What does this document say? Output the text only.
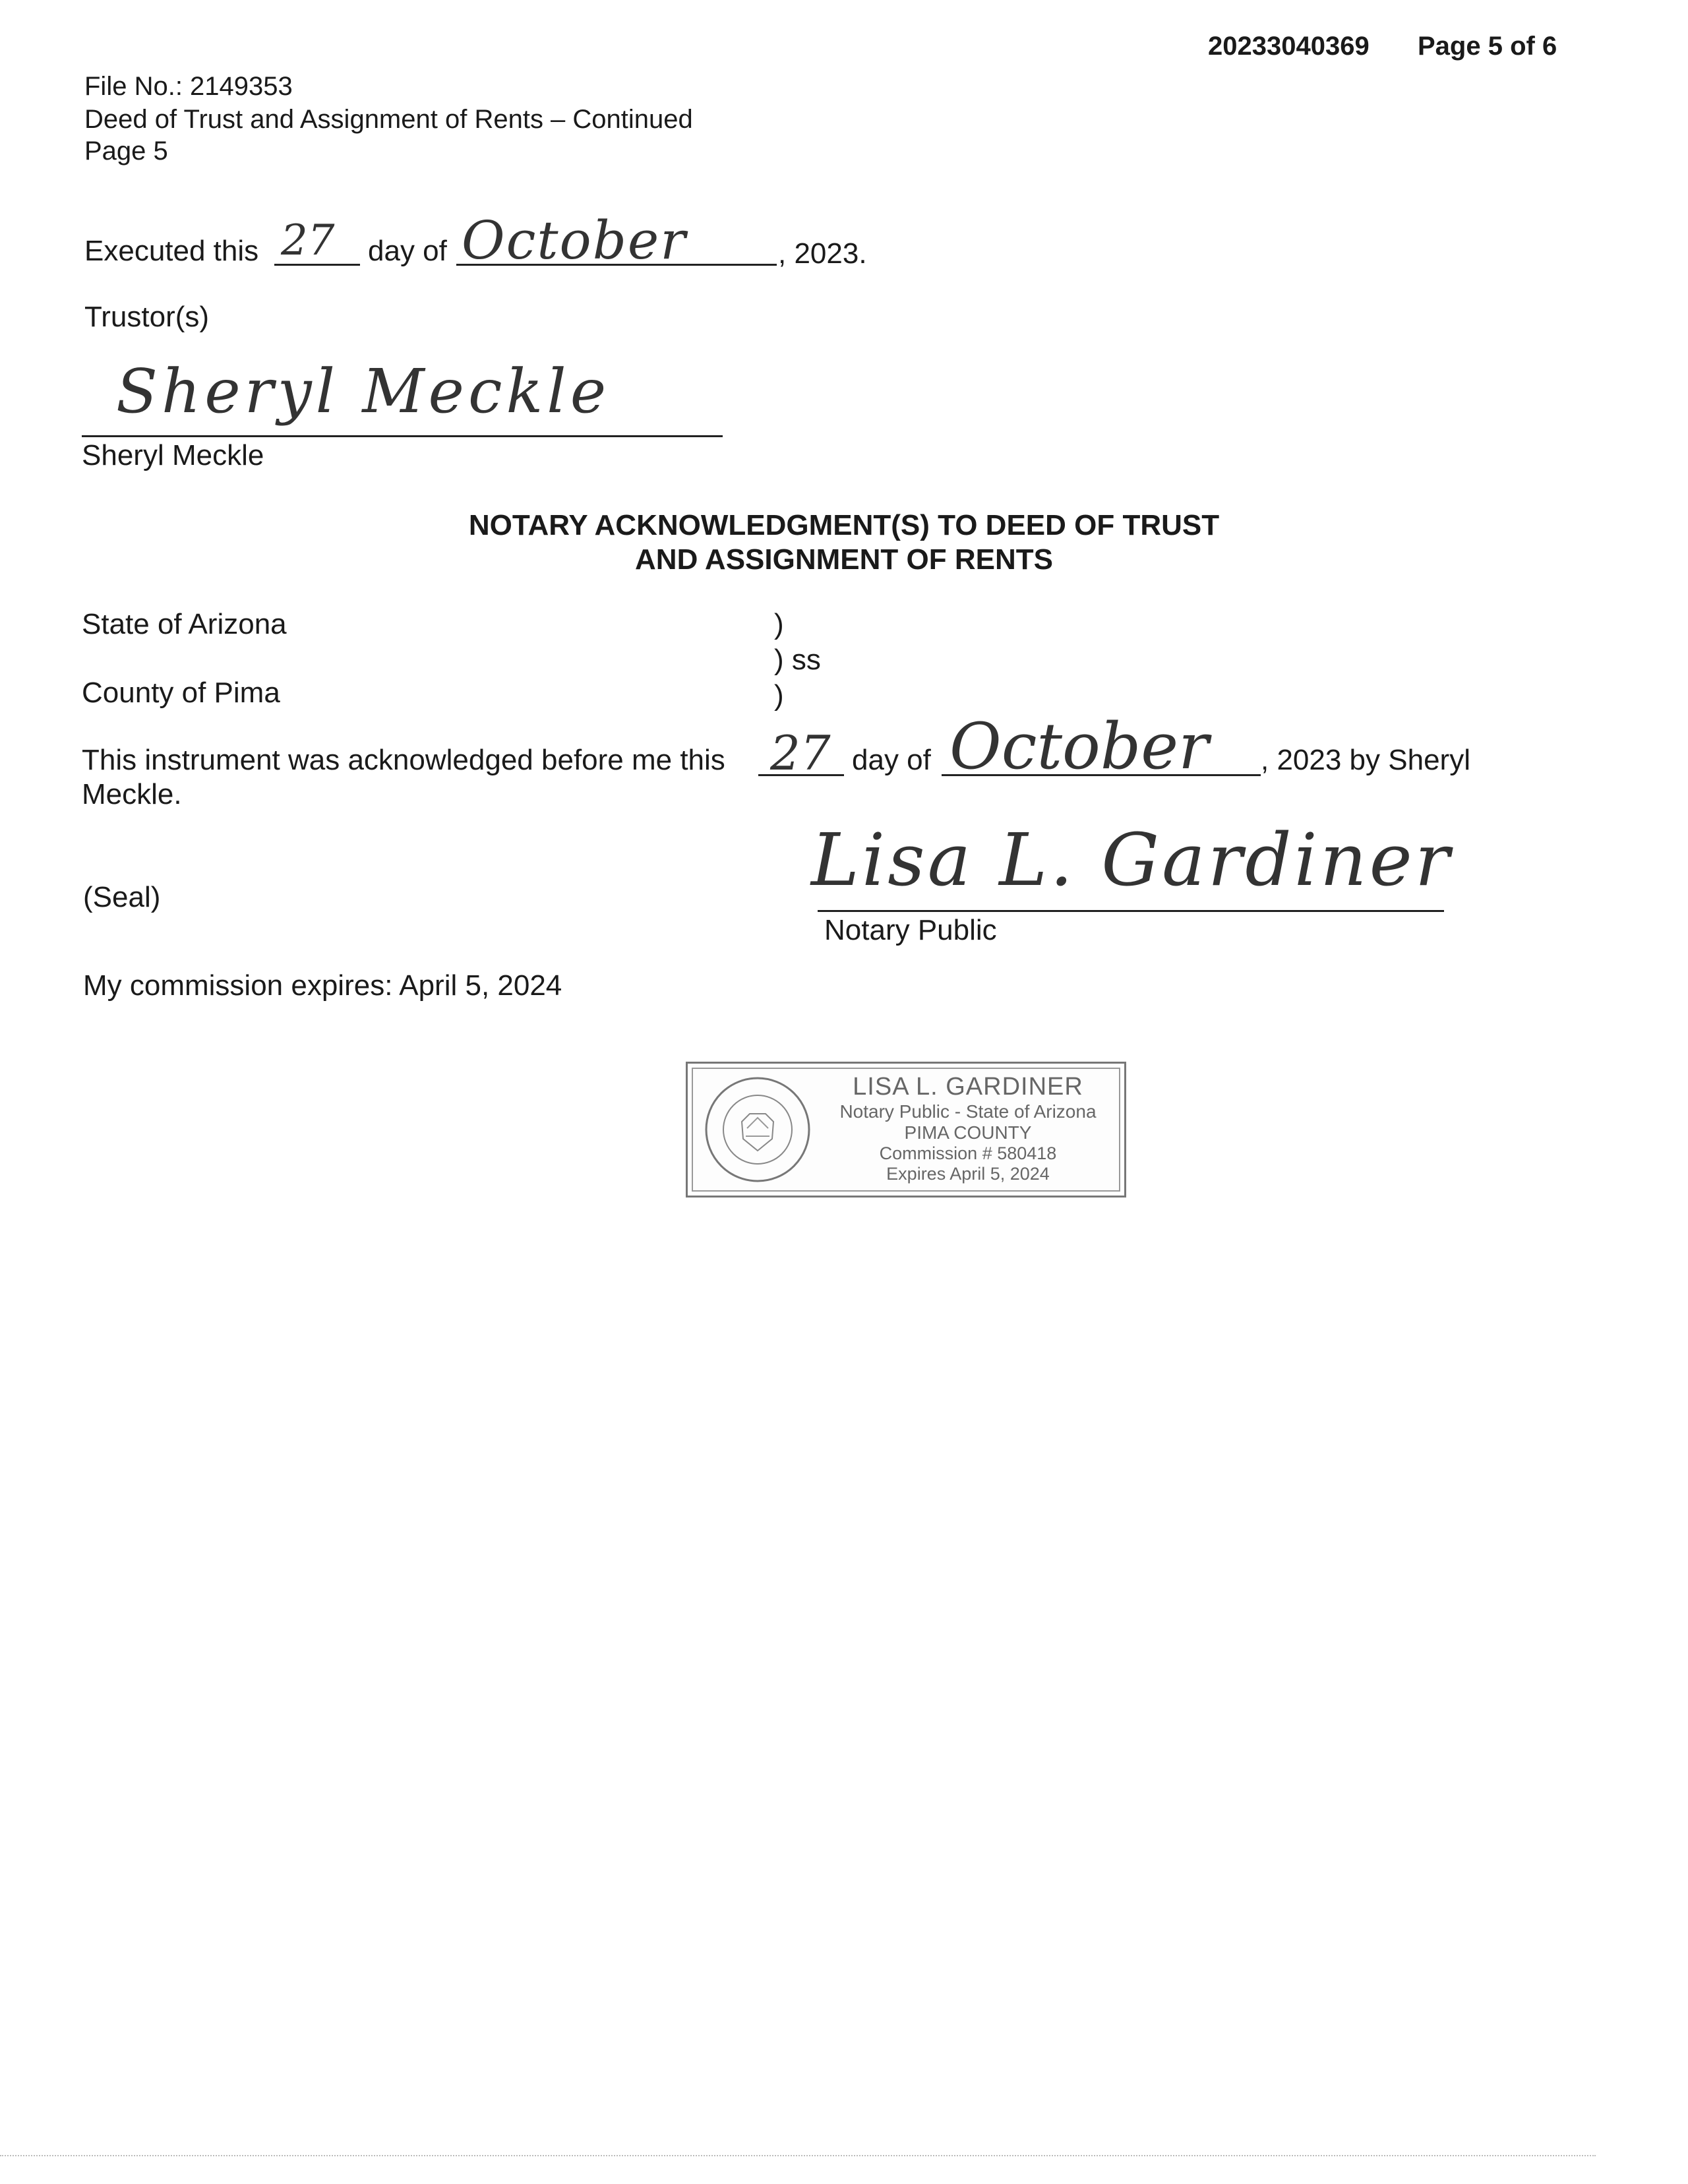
20233040369 Page 5 of 6
File No.: 2149353
Deed of Trust and Assignment of Rents – Continued
Page 5
Executed this 27 day of October	, 2023.
Trustor(s)
Sheryl Meckle
Sheryl Meckle
NOTARY ACKNOWLEDGMENT(S) TO DEED OF TRUST
AND ASSIGNMENT OF RENTS
State of Arizona	)
) ss
County of Pima	)
This instrument was acknowledged before me this 27 day of October , 2023 by Sheryl
Meckle.
(Seal)	Lisa L. Gardiner
Notary Public
My commission expires: April 5, 2024
LISA L. GARDINER
Notary Public - State of Arizona
PIMA COUNTY
Commission # 580418
Expires April 5, 2024
